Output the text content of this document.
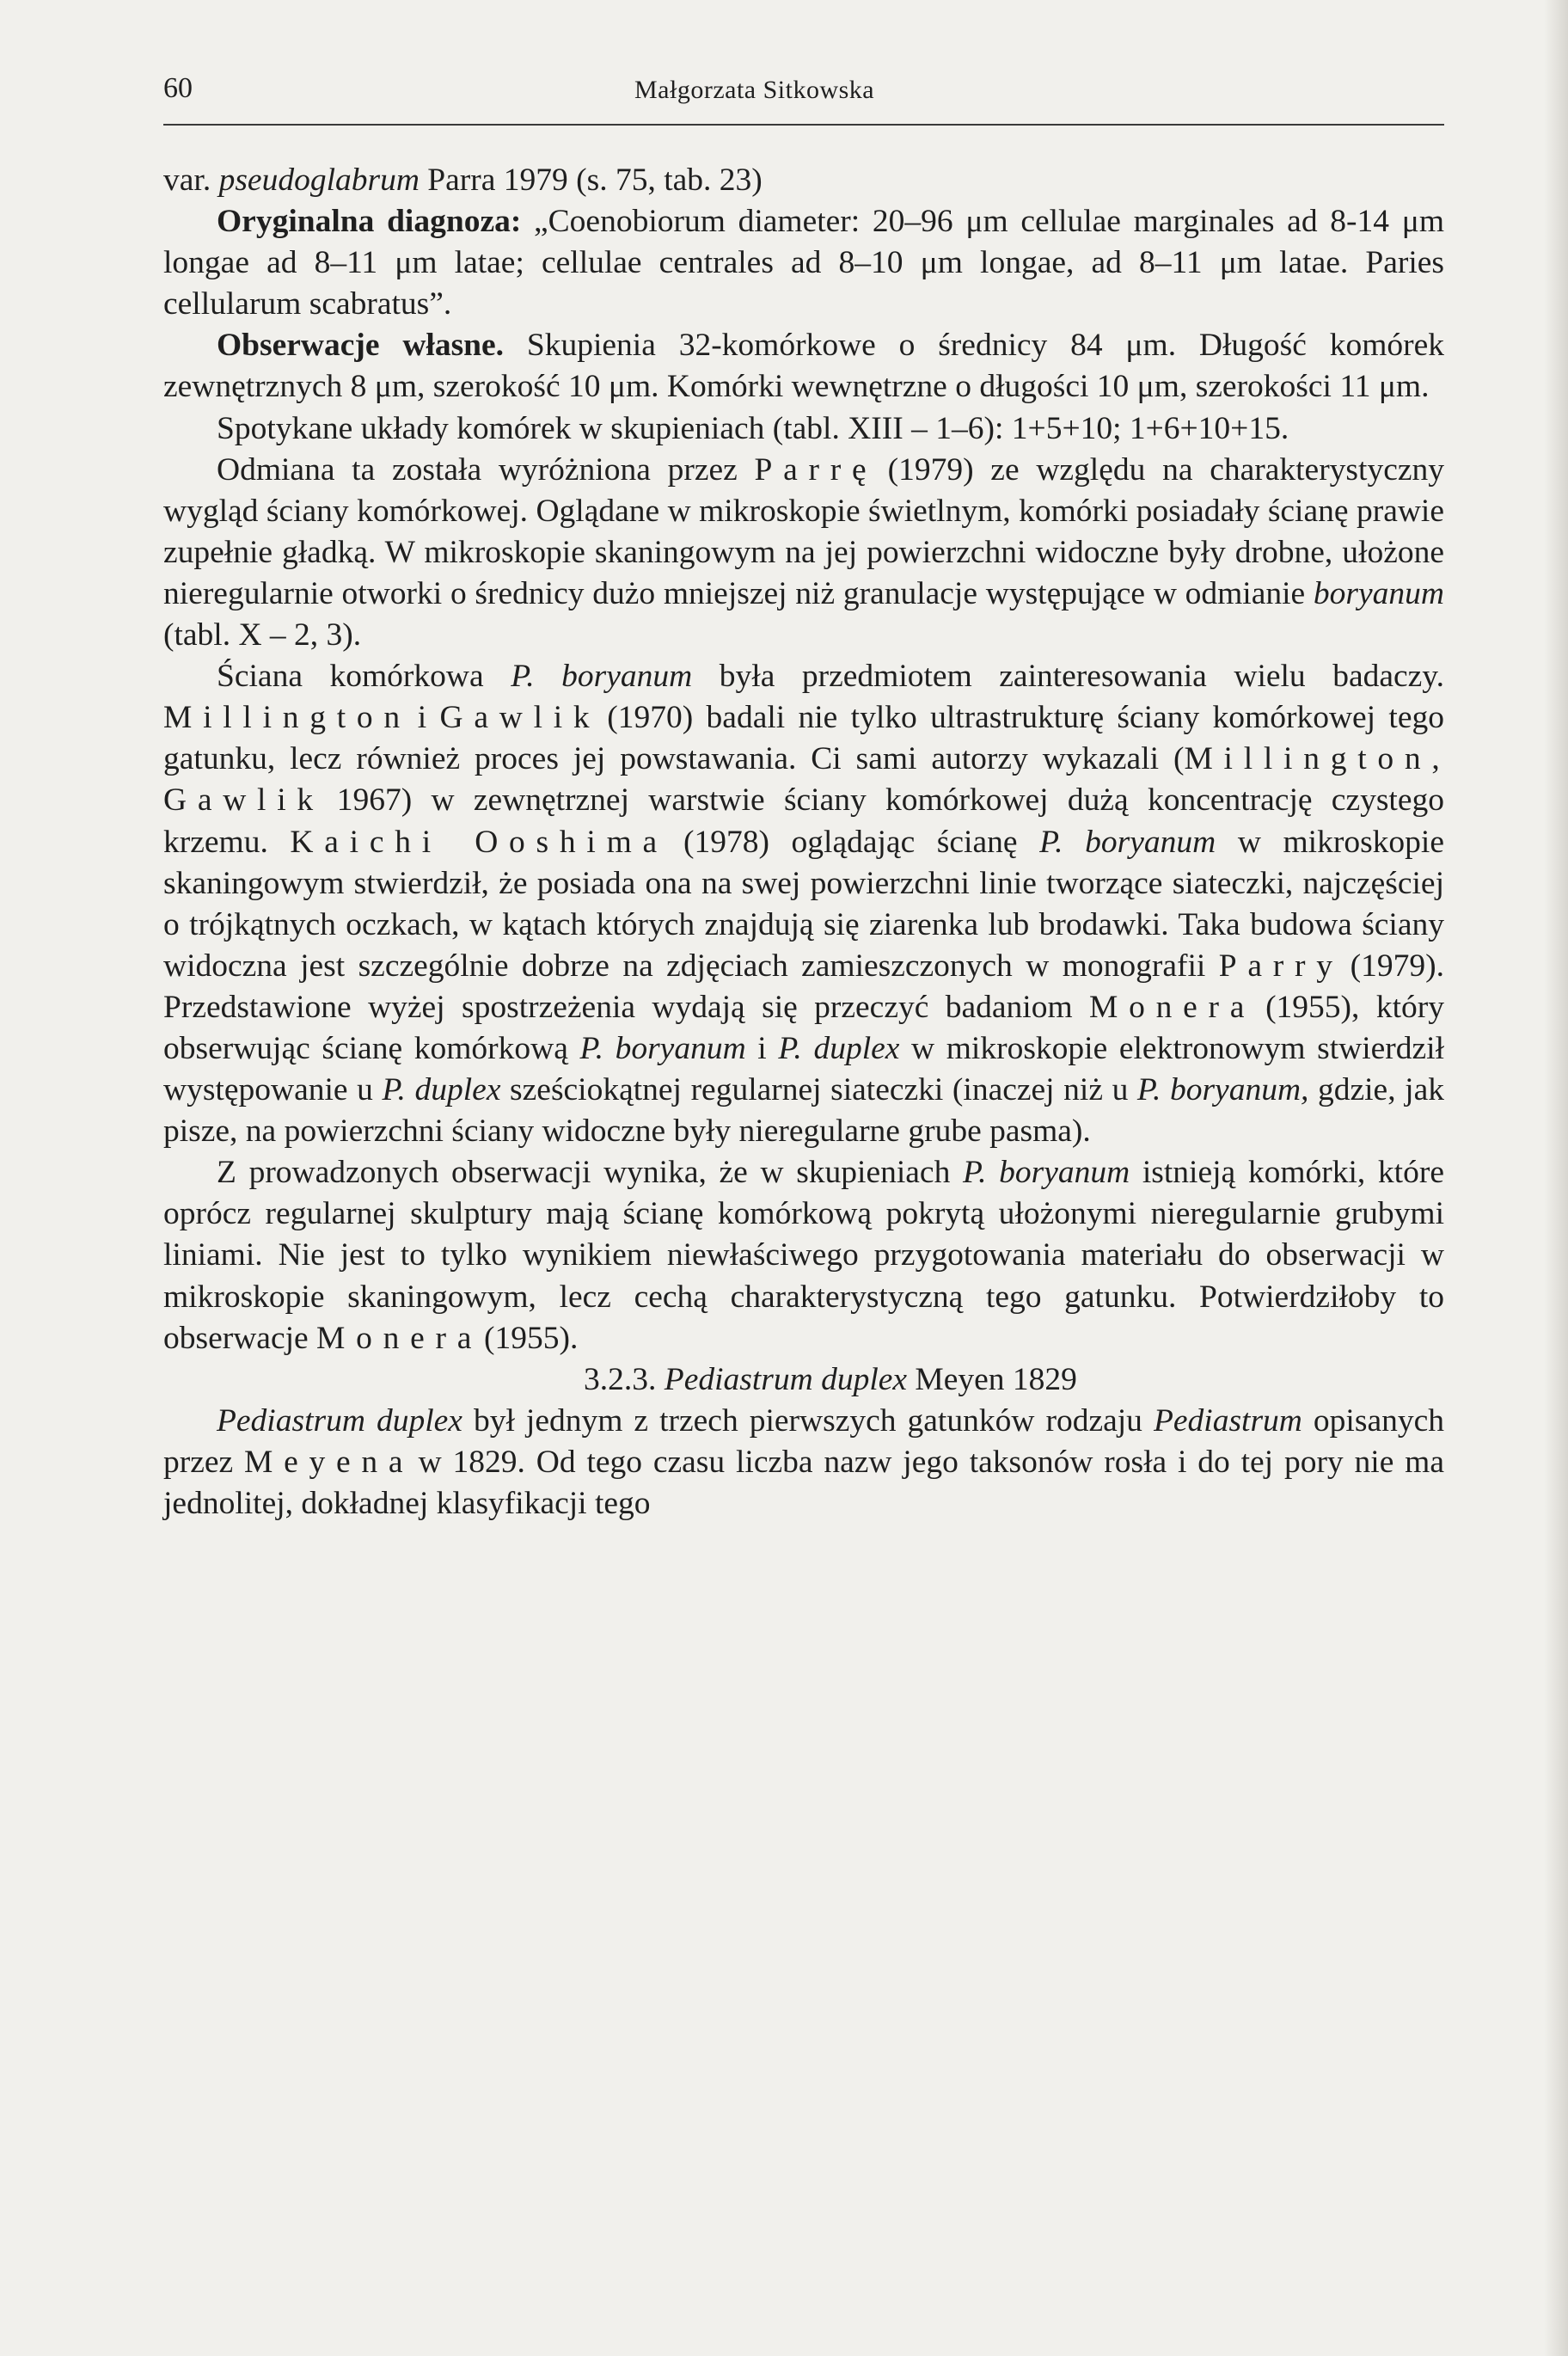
60	Małgorzata Sitkowska

var. pseudoglabrum Parra 1979 (s. 75, tab. 23)

Oryginalna diagnoza: „Coenobiorum diameter: 20–96 μm cellulae marginales ad 8-14 μm longae ad 8–11 μm latae; cellulae centrales ad 8–10 μm longae, ad 8–11 μm latae. Paries cellularum scabratus”.

Obserwacje własne. Skupienia 32-komórkowe o średnicy 84 μm. Długość komórek zewnętrznych 8 μm, szerokość 10 μm. Komórki wewnętrzne o długości 10 μm, szerokości 11 μm.

Spotykane układy komórek w skupieniach (tabl. XIII – 1–6): 1+5+10; 1+6+10+15.

Odmiana ta została wyróżniona przez Parrę (1979) ze względu na charakterystyczny wygląd ściany komórkowej. Oglądane w mikroskopie świetlnym, komórki posiadały ścianę prawie zupełnie gładką. W mikroskopie skaningowym na jej powierzchni widoczne były drobne, ułożone nieregularnie otworki o średnicy dużo mniejszej niż granulacje występujące w odmianie boryanum (tabl. X – 2, 3).

Ściana komórkowa P. boryanum była przedmiotem zainteresowania wielu badaczy. Millington i Gawlik (1970) badali nie tylko ultrastrukturę ściany komórkowej tego gatunku, lecz również proces jej powstawania. Ci sami autorzy wykazali (Millington, Gawlik 1967) w zewnętrznej warstwie ściany komórkowej dużą koncentrację czystego krzemu. Kaichi Ooshima (1978) oglądając ścianę P. boryanum w mikroskopie skaningowym stwierdził, że posiada ona na swej powierzchni linie tworzące siateczki, najczęściej o trójkątnych oczkach, w kątach których znajdują się ziarenka lub brodawki. Taka budowa ściany widoczna jest szczególnie dobrze na zdjęciach zamieszczonych w monografii Parry (1979). Przedstawione wyżej spostrzeżenia wydają się przeczyć badaniom Monera (1955), który obserwując ścianę komórkową P. boryanum i P. duplex w mikroskopie elektronowym stwierdził występowanie u P. duplex sześciokątnej regularnej siateczki (inaczej niż u P. boryanum, gdzie, jak pisze, na powierzchni ściany widoczne były nieregularne grube pasma).

Z prowadzonych obserwacji wynika, że w skupieniach P. boryanum istnieją komórki, które oprócz regularnej skulptury mają ścianę komórkową pokrytą ułożonymi nieregularnie grubymi liniami. Nie jest to tylko wynikiem niewłaściwego przygotowania materiału do obserwacji w mikroskopie skaningowym, lecz cechą charakterystyczną tego gatunku. Potwierdziłoby to obserwacje Monera (1955).

3.2.3. Pediastrum duplex Meyen 1829

Pediastrum duplex był jednym z trzech pierwszych gatunków rodzaju Pediastrum opisanych przez Meyena w 1829. Od tego czasu liczba nazw jego taksonów rosła i do tej pory nie ma jednolitej, dokładnej klasyfikacji tego
